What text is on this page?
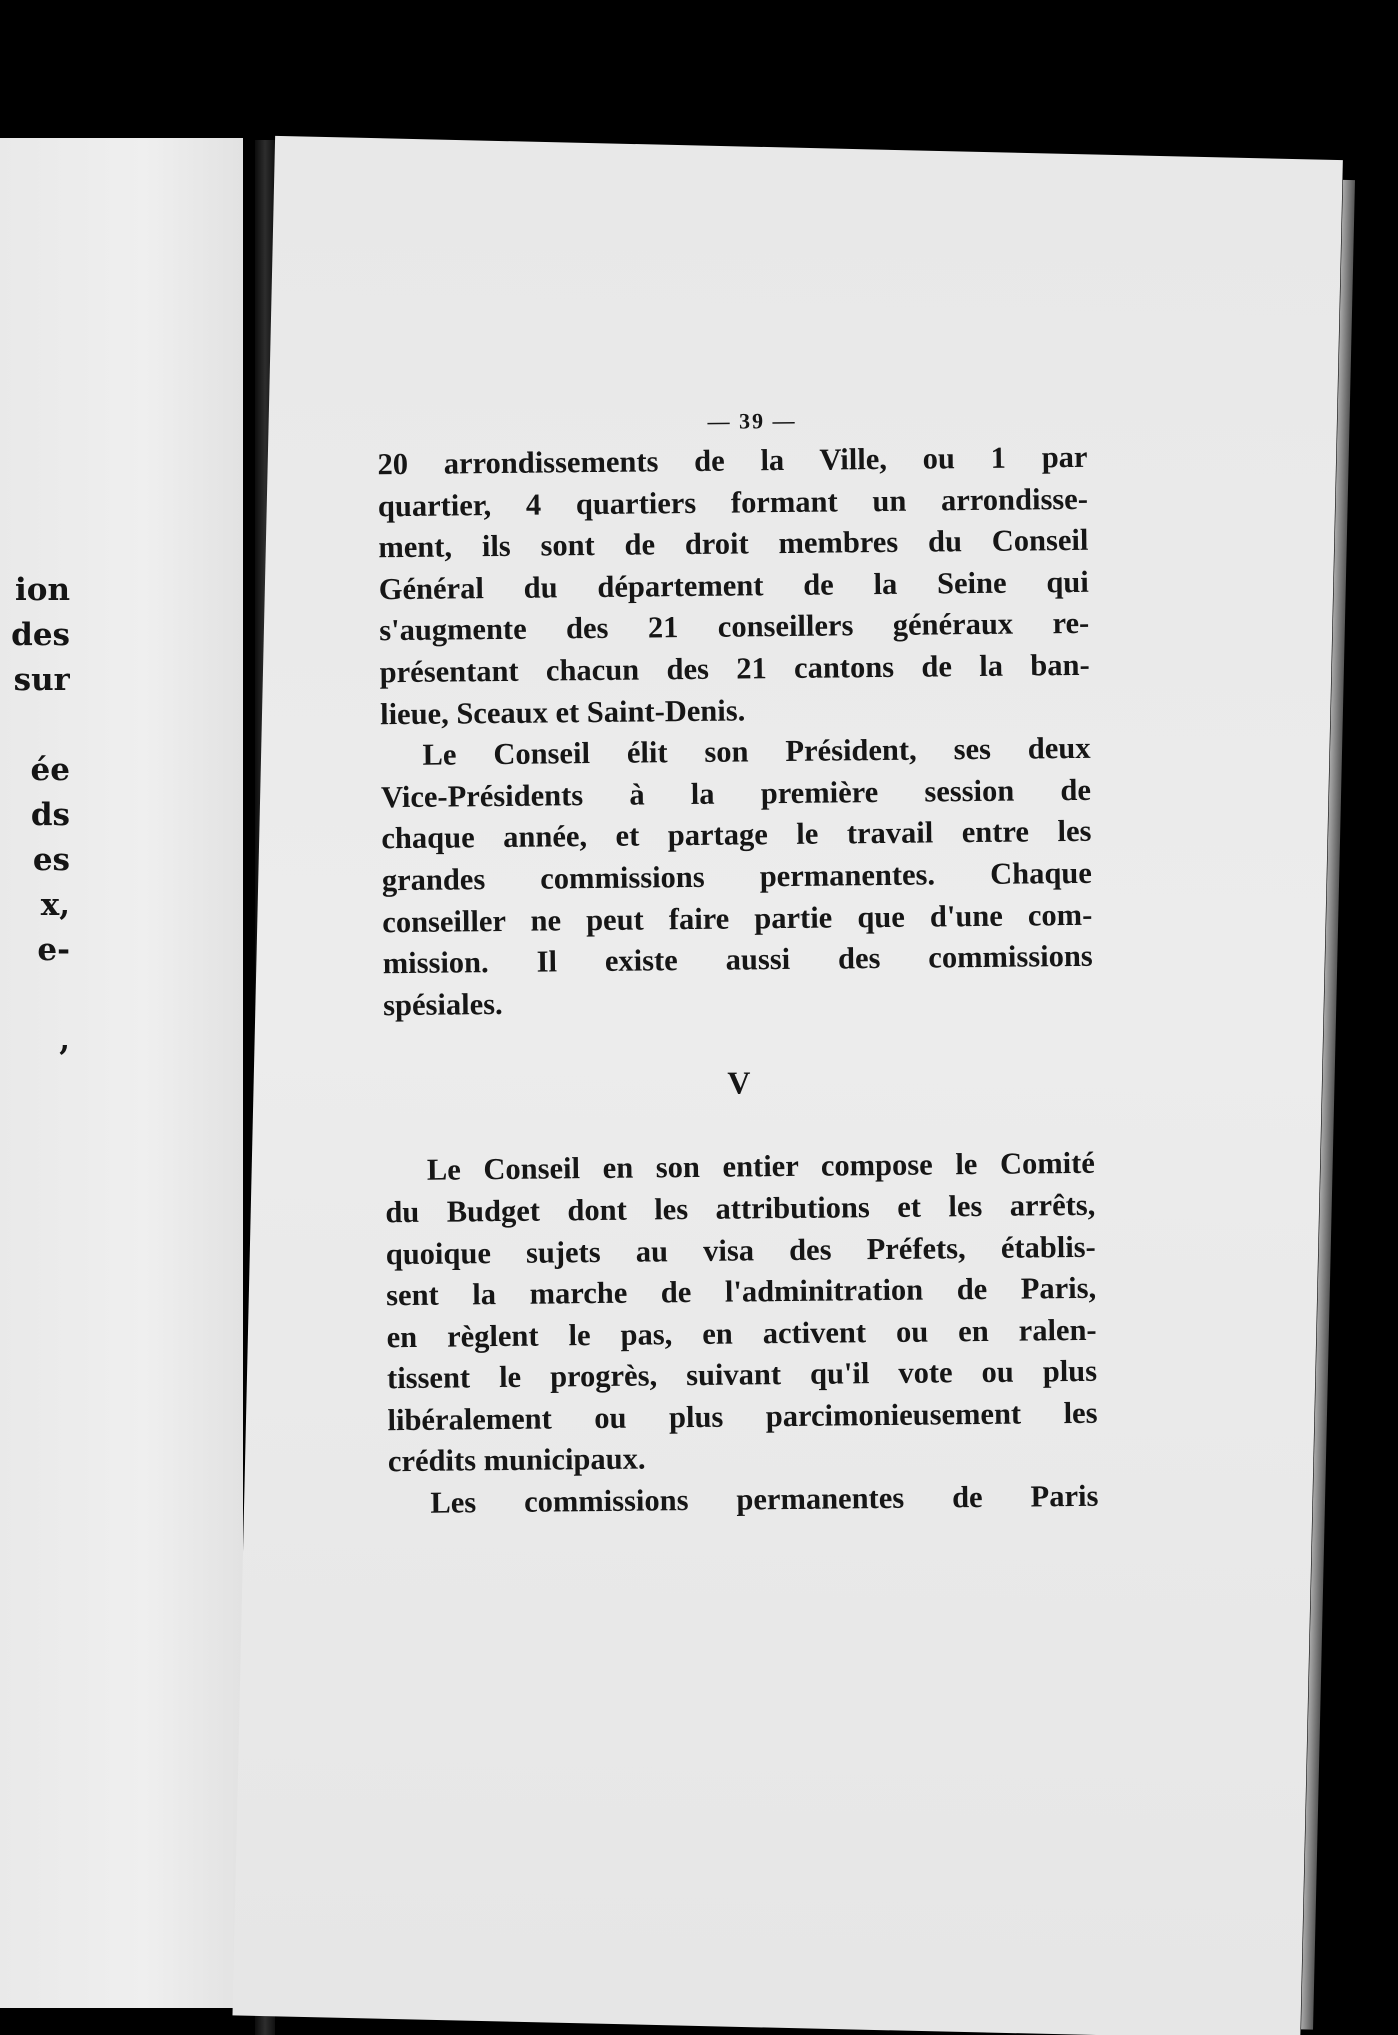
ion
des
sur

ée
ds
es
x,
e-

,
— 39 —
20 arrondissements de la Ville, ou 1 par
quartier, 4 quartiers formant un arrondisse-
ment, ils sont de droit membres du Conseil
Général du département de la Seine qui
s'augmente des 21 conseillers généraux re-
présentant chacun des 21 cantons de la ban-
lieue, Sceaux et Saint-Denis.
Le Conseil élit son Président, ses deux
Vice-Présidents à la première session de
chaque année, et partage le travail entre les
grandes commissions permanentes. Chaque
conseiller ne peut faire partie que d'une com-
mission. Il existe aussi des commissions
spésiales.
V
Le Conseil en son entier compose le Comité
du Budget dont les attributions et les arrêts,
quoique sujets au visa des Préfets, établis-
sent la marche de l'adminitration de Paris,
en règlent le pas, en activent ou en ralen-
tissent le progrès, suivant qu'il vote ou plus
libéralement ou plus parcimonieusement les
crédits municipaux.
Les commissions permanentes de Paris
